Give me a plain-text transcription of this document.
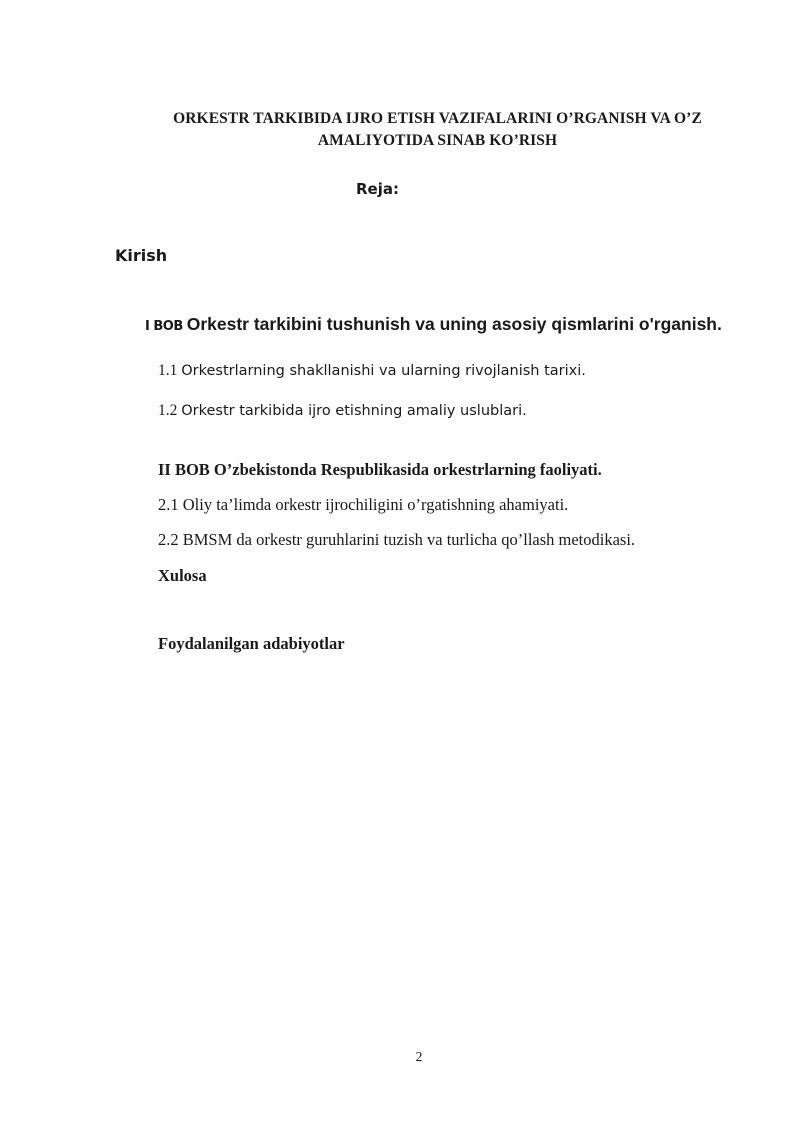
ORKESTR TARKIBIDA IJRO ETISH VAZIFALARINI O’RGANISH VA O’Z
AMALIYOTIDA SINAB KO’RISH
Reja:
Kirish
I BOB Orkestr tarkibini tushunish va uning asosiy qismlarini o'rganish.
1.1 Orkestrlarning shakllanishi va ularning rivojlanish tarixi.
1.2 Orkestr tarkibida ijro etishning amaliy uslublari.
II BOB O’zbekistonda Respublikasida orkestrlarning faoliyati.
2.1 Oliy ta’limda orkestr ijrochiligini o’rgatishning ahamiyati.
2.2 BMSM da orkestr guruhlarini tuzish va turlicha qo’llash metodikasi.
Xulosa
Foydalanilgan adabiyotlar
2
